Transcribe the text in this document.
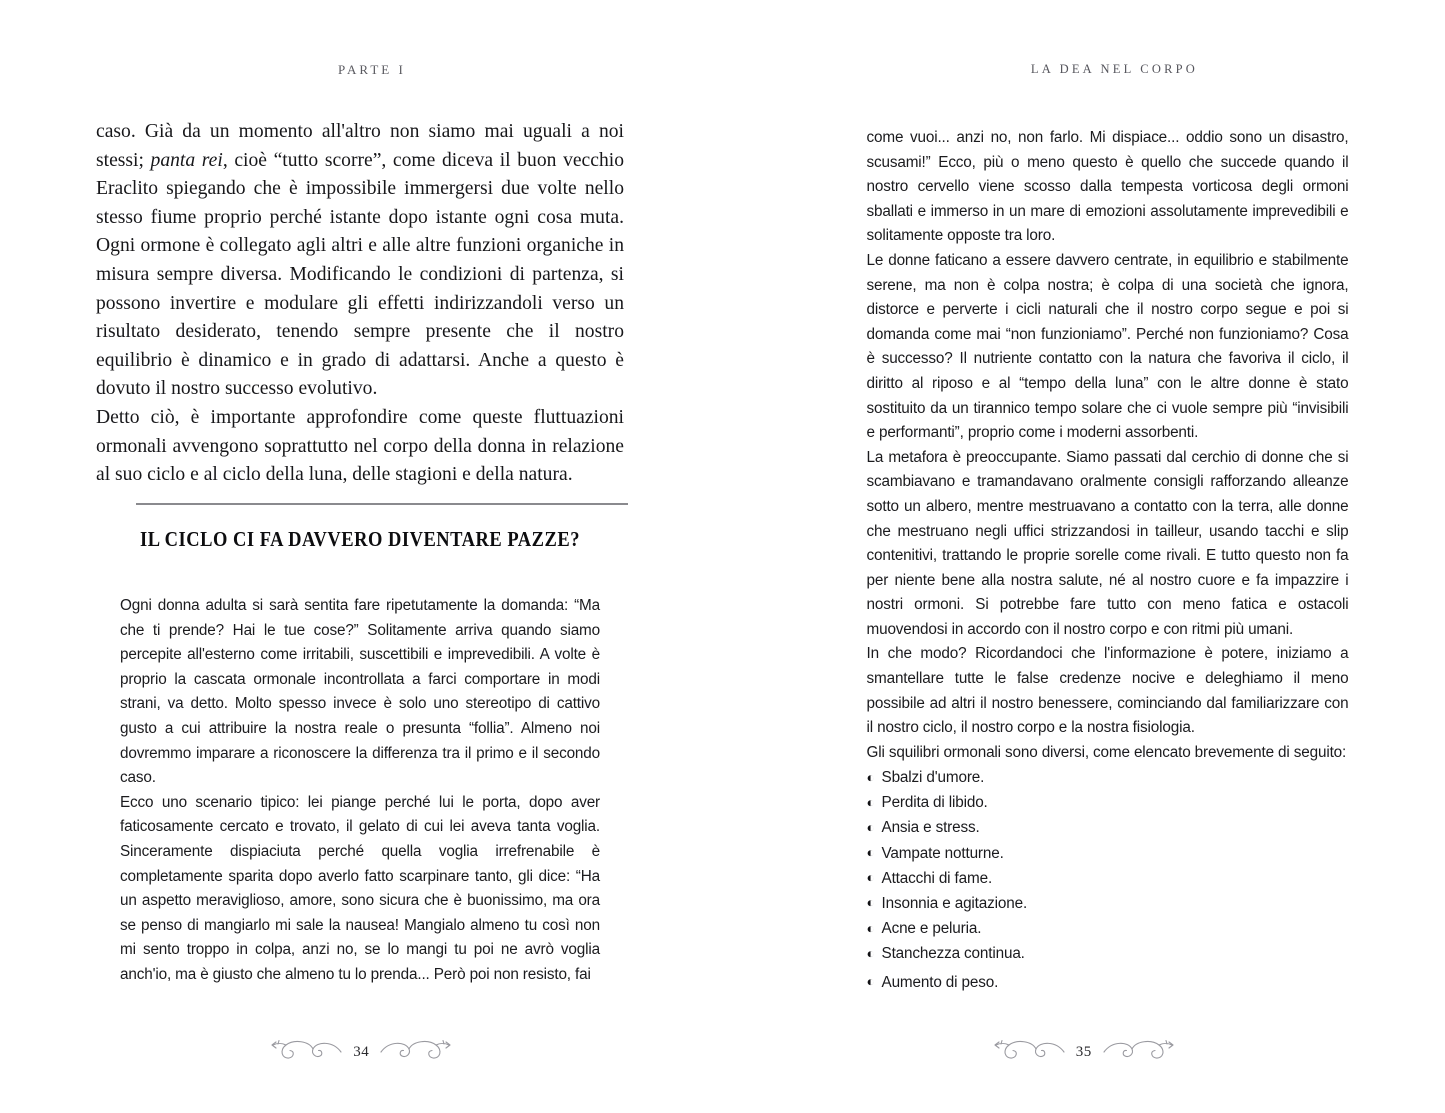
PARTE I

caso. Già da un momento all'altro non siamo mai uguali a noi stessi; panta rei, cioè “tutto scorre”, come diceva il buon vecchio Eraclito spiegando che è impossibile immergersi due volte nello stesso fiume proprio perché istante dopo istante ogni cosa muta. Ogni ormone è collegato agli altri e alle altre funzioni organiche in misura sempre diversa. Modificando le condizioni di partenza, si possono invertire e modulare gli effetti indirizzandoli verso un risultato desiderato, tenendo sempre presente che il nostro equilibrio è dinamico e in grado di adattarsi. Anche a questo è dovuto il nostro successo evolutivo.

Detto ciò, è importante approfondire come queste fluttuazioni ormonali avvengono soprattutto nel corpo della donna in relazione al suo ciclo e al ciclo della luna, delle stagioni e della natura.

IL CICLO CI FA DAVVERO DIVENTARE PAZZE?

Ogni donna adulta si sarà sentita fare ripetutamente la domanda: “Ma che ti prende? Hai le tue cose?” Solitamente arriva quando siamo percepite all'esterno come irritabili, suscettibili e imprevedibili. A volte è proprio la cascata ormonale incontrollata a farci comportare in modi strani, va detto. Molto spesso invece è solo uno stereotipo di cattivo gusto a cui attribuire la nostra reale o presunta “follia”. Almeno noi dovremmo imparare a riconoscere la differenza tra il primo e il secondo caso.

Ecco uno scenario tipico: lei piange perché lui le porta, dopo aver faticosamente cercato e trovato, il gelato di cui lei aveva tanta voglia. Sinceramente dispiaciuta perché quella voglia irrefrenabile è completamente sparita dopo averlo fatto scarpinare tanto, gli dice: “Ha un aspetto meraviglioso, amore, sono sicura che è buonissimo, ma ora se penso di mangiarlo mi sale la nausea! Mangialo almeno tu così non mi sento troppo in colpa, anzi no, se lo mangi tu poi ne avrò voglia anch'io, ma è giusto che almeno tu lo prenda... Però poi non resisto, fai

34
LA DEA NEL CORPO

come vuoi... anzi no, non farlo. Mi dispiace... oddio sono un disastro, scusami!” Ecco, più o meno questo è quello che succede quando il nostro cervello viene scosso dalla tempesta vorticosa degli ormoni sballati e immerso in un mare di emozioni assolutamente imprevedibili e solitamente opposte tra loro.

Le donne faticano a essere davvero centrate, in equilibrio e stabilmente serene, ma non è colpa nostra; è colpa di una società che ignora, distorce e perverte i cicli naturali che il nostro corpo segue e poi si domanda come mai “non funzioniamo”. Perché non funzioniamo? Cosa è successo? Il nutriente contatto con la natura che favoriva il ciclo, il diritto al riposo e al “tempo della luna” con le altre donne è stato sostituito da un tirannico tempo solare che ci vuole sempre più “invisibili e performanti”, proprio come i moderni assorbenti.

La metafora è preoccupante. Siamo passati dal cerchio di donne che si scambiavano e tramandavano oralmente consigli rafforzando alleanze sotto un albero, mentre mestruavano a contatto con la terra, alle donne che mestruano negli uffici strizzandosi in tailleur, usando tacchi e slip contenitivi, trattando le proprie sorelle come rivali. E tutto questo non fa per niente bene alla nostra salute, né al nostro cuore e fa impazzire i nostri ormoni. Si potrebbe fare tutto con meno fatica e ostacoli muovendosi in accordo con il nostro corpo e con ritmi più umani.

In che modo? Ricordandoci che l'informazione è potere, iniziamo a smantellare tutte le false credenze nocive e deleghiamo il meno possibile ad altri il nostro benessere, cominciando dal familiarizzare con il nostro ciclo, il nostro corpo e la nostra fisiologia.

Gli squilibri ormonali sono diversi, come elencato brevemente di seguito:

◐ Sbalzi d'umore.
◐ Perdita di libido.
◐ Ansia e stress.
◐ Vampate notturne.
◐ Attacchi di fame.
◐ Insonnia e agitazione.
◐ Acne e peluria.
◐ Stanchezza continua.
◐ Aumento di peso.
35
